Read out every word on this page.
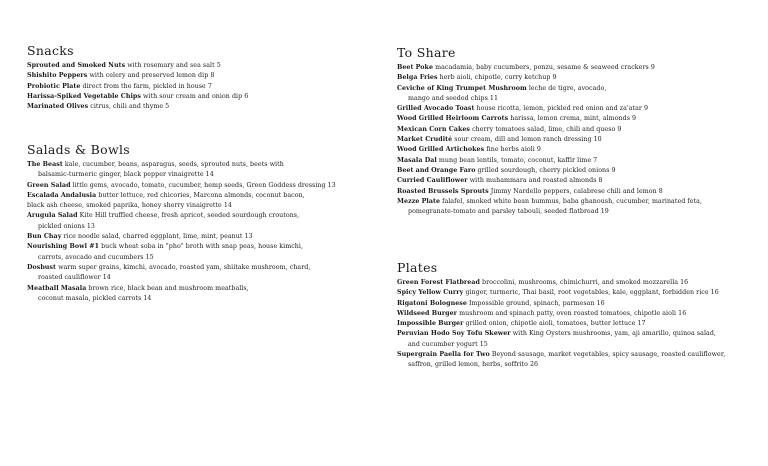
Snacks
Sprouted and Smoked Nuts with rosemary and sea salt 5
Shishito Peppers with celery and preserved lemon dip 8
Probiotic Plate direct from the farm, pickled in house 7
Harissa-Spiked Vegetable Chips with sour cream and onion dip 6
Marinated Olives citrus, chili and thyme 5
Salads & Bowls
The Beast kale, cucumber, beans, asparagus, seeds, sprouted nuts, beets with
balsamic-turmeric ginger, black pepper vinaigrette 14
Green Salad little gems, avocado, tomato, cucumber, hemp seeds, Green Goddess dressing 13
Escalada Andalusia butter lettuce, red chicories, Marcona almonds, coconut bacon,
black ash cheese, smoked paprika, honey sherry vinaigrette 14
Arugula Salad Kite Hill truffled cheese, fresh apricot, seeded sourdough croutons,
pickled onions 13
Bun Chay rice noodle salad, charred eggplant, lime, mint, peanut 13
Nourishing Bowl #1 buck wheat soba in "pho" broth with snap peas, house kimchi,
carrots, avocado and cucumbers 15
Dosbust warm super grains, kimchi, avocado, roasted yam, shiitake mushroom, chard,
roasted cauliflower 14
Meatball Masala brown rice, black bean and mushroom meatballs,
coconut masala, pickled carrots 14
To Share
Beet Poke macadamia, baby cucumbers, ponzu, sesame & seaweed crackers 9
Belga Fries herb aioli, chipotle, curry ketchup 9
Ceviche of King Trumpet Mushroom leche de tigre, avocado,
mango and seeded chips 11
Grilled Avocado Toast house ricotta, lemon, pickled red onion and za'atar 9
Wood Grilled Heirloom Carrots harissa, lemon crema, mint, almonds 9
Mexican Corn Cakes cherry tomatoes salad, lime, chili and queso 9
Market Crudité sour cream, dill and lemon ranch dressing 10
Wood Grilled Artichokes fine herbs aioli 9
Masala Dal mung bean lentils, tomato, coconut, kaffir lime 7
Beet and Orange Faro grilled sourdough, cherry pickled onions 9
Curried Cauliflower with muhammara and roasted almonds 8
Roasted Brussels Sprouts Jimmy Nardello peppers, calabrese chili and lemon 8
Mezze Plate falafel, smoked white bean hummus, baba ghanoush, cucumber, marinated feta,
pomegranate-tomato and parsley tabouli, seeded flatbread 19
Plates
Green Forest Flatbread broccolini, mushrooms, chimichurri, and smoked mozzarella 16
Spicy Yellow Curry ginger, turmeric, Thai basil, root vegetables, kale, eggplant, forbidden rice 16
Rigatoni Bolognese Impossible ground, spinach, parmesan 16
Wildseed Burger mushroom and spinach patty, oven roasted tomatoes, chipotle aioli 16
Impossible Burger grilled onion, chipotle aioli, tomatoes, butter lettuce 17
Peruvian Hodo Soy Tofu Skewer with King Oysters mushrooms, yam, aji amarillo, quinoa salad,
and cucumber yogurt 15
Supergrain Paella for Two Beyond sausage, market vegetables, spicy sausage, roasted cauliflower,
saffron, grilled lemon, herbs, soffrito 26
